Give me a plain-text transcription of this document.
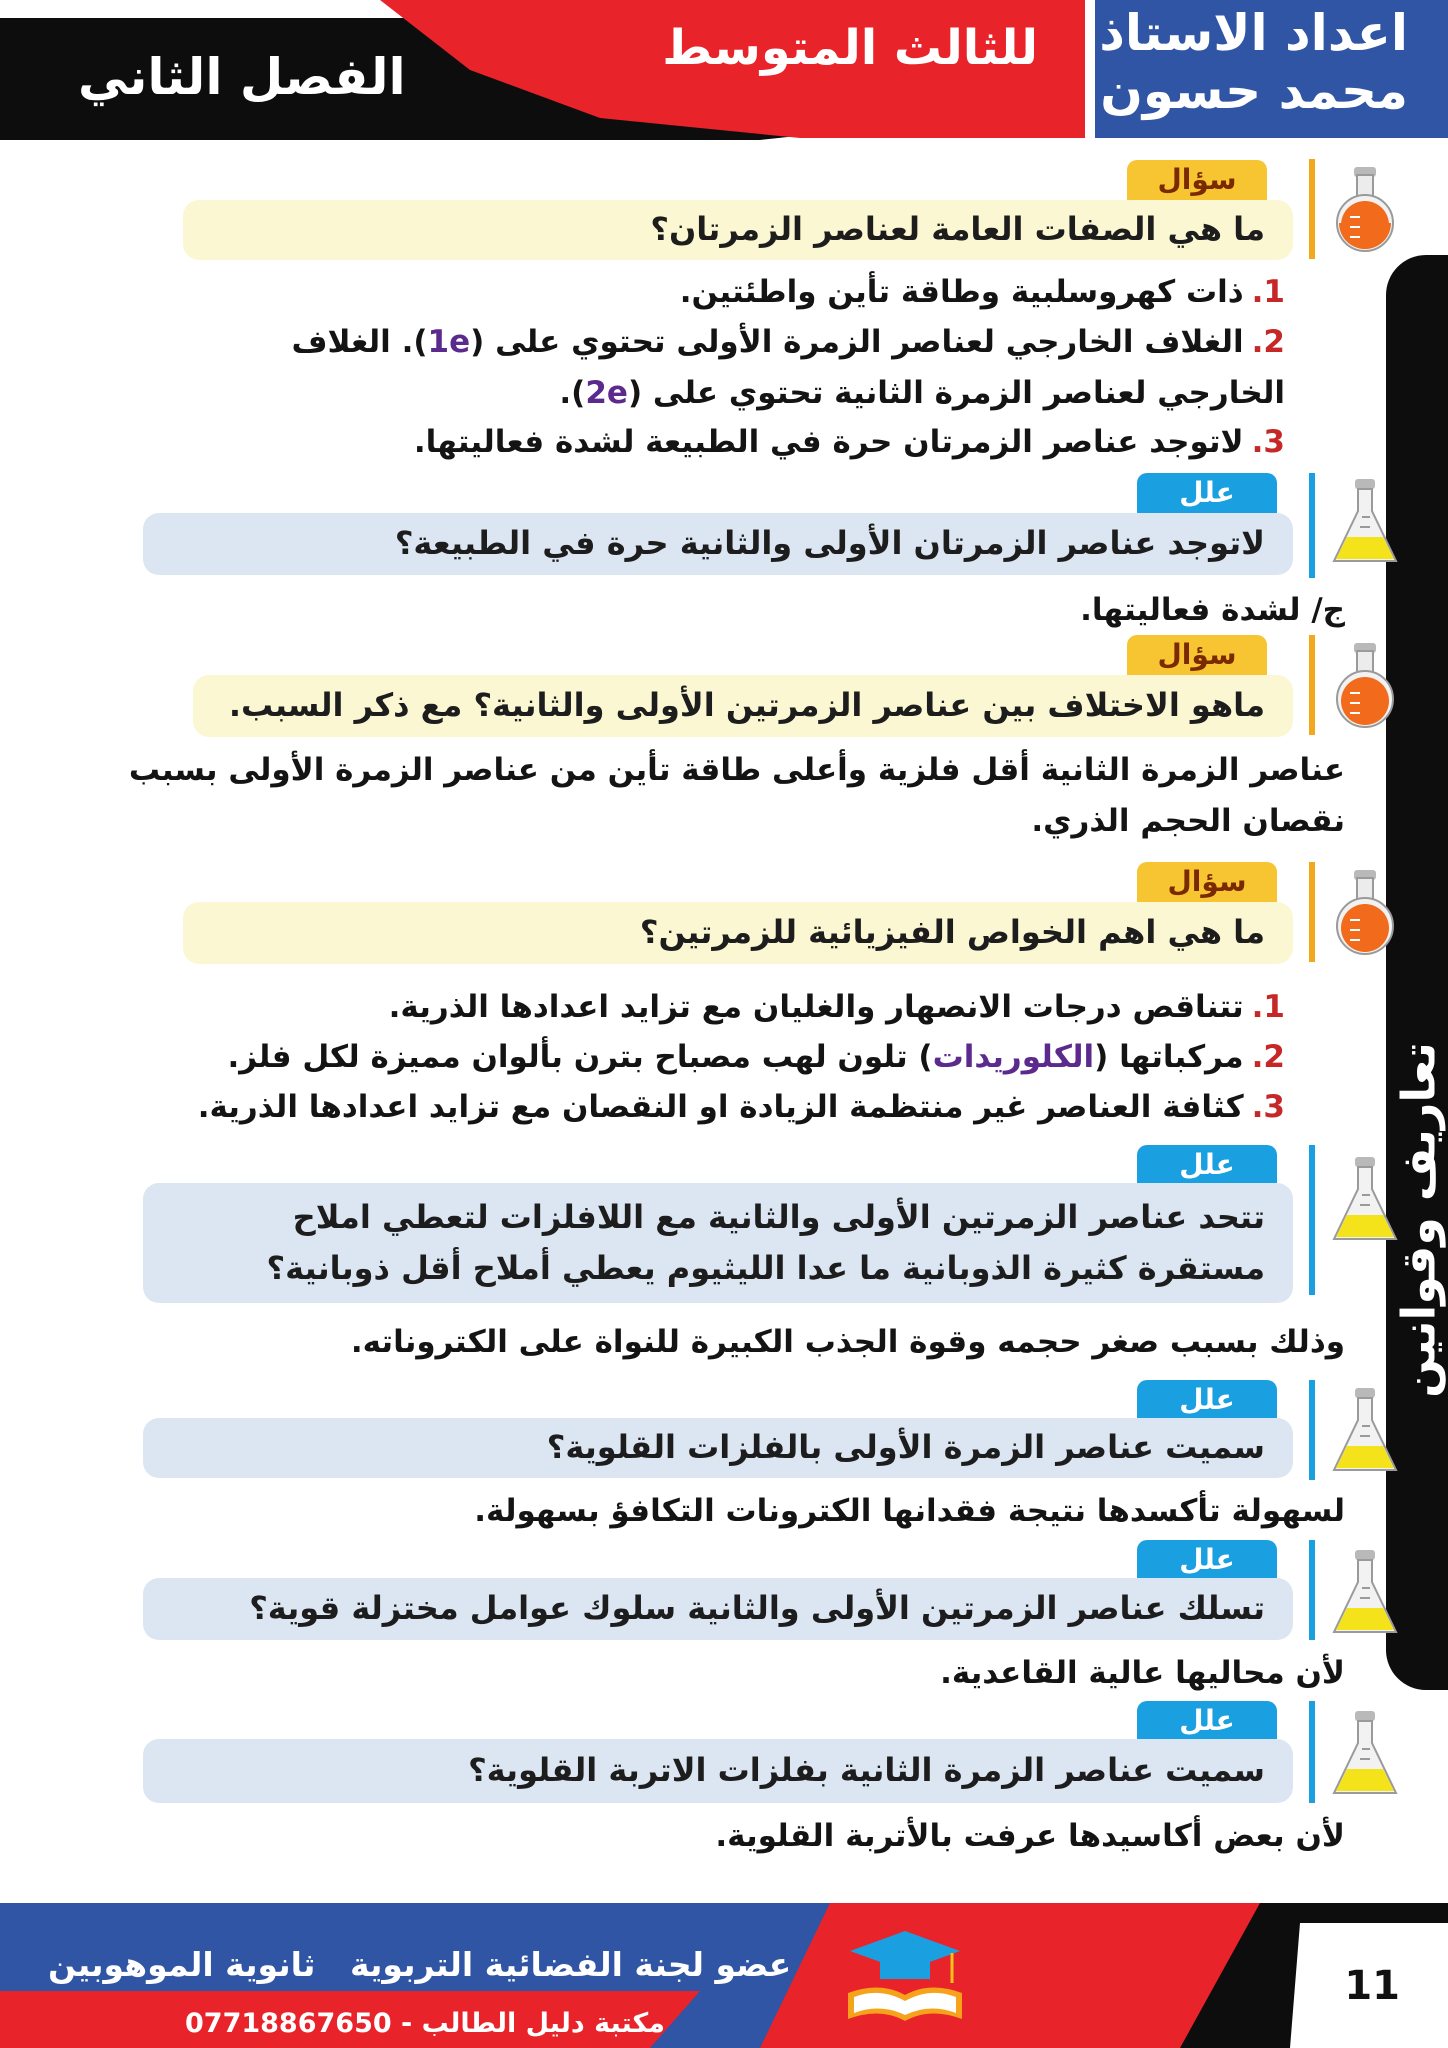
اعداد الاستاذ
محمد حسون
للثالث المتوسط
الفصل الثاني
تعاريف وقوانين
سؤال
ما هي الصفات العامة لعناصر الزمرتان؟
1.ذات كهروسلبية وطاقة تأين واطئتين.
2.الغلاف الخارجي لعناصر الزمرة الأولى تحتوي على (1e). الغلاف الخارجي لعناصر الزمرة الثانية تحتوي على (2e).
3.لاتوجد عناصر الزمرتان حرة في الطبيعة لشدة فعاليتها.
علل
لاتوجد عناصر الزمرتان الأولى والثانية حرة في الطبيعة؟
ج/ لشدة فعاليتها.
سؤال
ماهو الاختلاف بين عناصر الزمرتين الأولى والثانية؟ مع ذكر السبب.
عناصر الزمرة الثانية أقل فلزية وأعلى طاقة تأين من عناصر الزمرة الأولى بسبب نقصان الحجم الذري.
سؤال
ما هي اهم الخواص الفيزيائية للزمرتين؟
1.تتناقص درجات الانصهار والغليان مع تزايد اعدادها الذرية.
2.مركباتها (الكلوريدات) تلون لهب مصباح بترن بألوان مميزة لكل فلز.
3.كثافة العناصر غير منتظمة الزيادة او النقصان مع تزايد اعدادها الذرية.
علل
تتحد عناصر الزمرتين الأولى والثانية مع اللافلزات لتعطي املاح مستقرة كثيرة الذوبانية ما عدا الليثيوم يعطي أملاح أقل ذوبانية؟
وذلك بسبب صغر حجمه وقوة الجذب الكبيرة للنواة على الكتروناته.
علل
سميت عناصر الزمرة الأولى بالفلزات القلوية؟
لسهولة تأكسدها نتيجة فقدانها الكترونات التكافؤ بسهولة.
علل
تسلك عناصر الزمرتين الأولى والثانية سلوك عوامل مختزلة قوية؟
لأن محاليها عالية القاعدية.
علل
سميت عناصر الزمرة الثانية بفلزات الاتربة القلوية؟
لأن بعض أكاسيدها عرفت بالأتربة القلوية.
عضو لجنة الفضائية التربوية
ثانوية الموهوبين
مكتبة دليل الطالب - 07718867650
11
